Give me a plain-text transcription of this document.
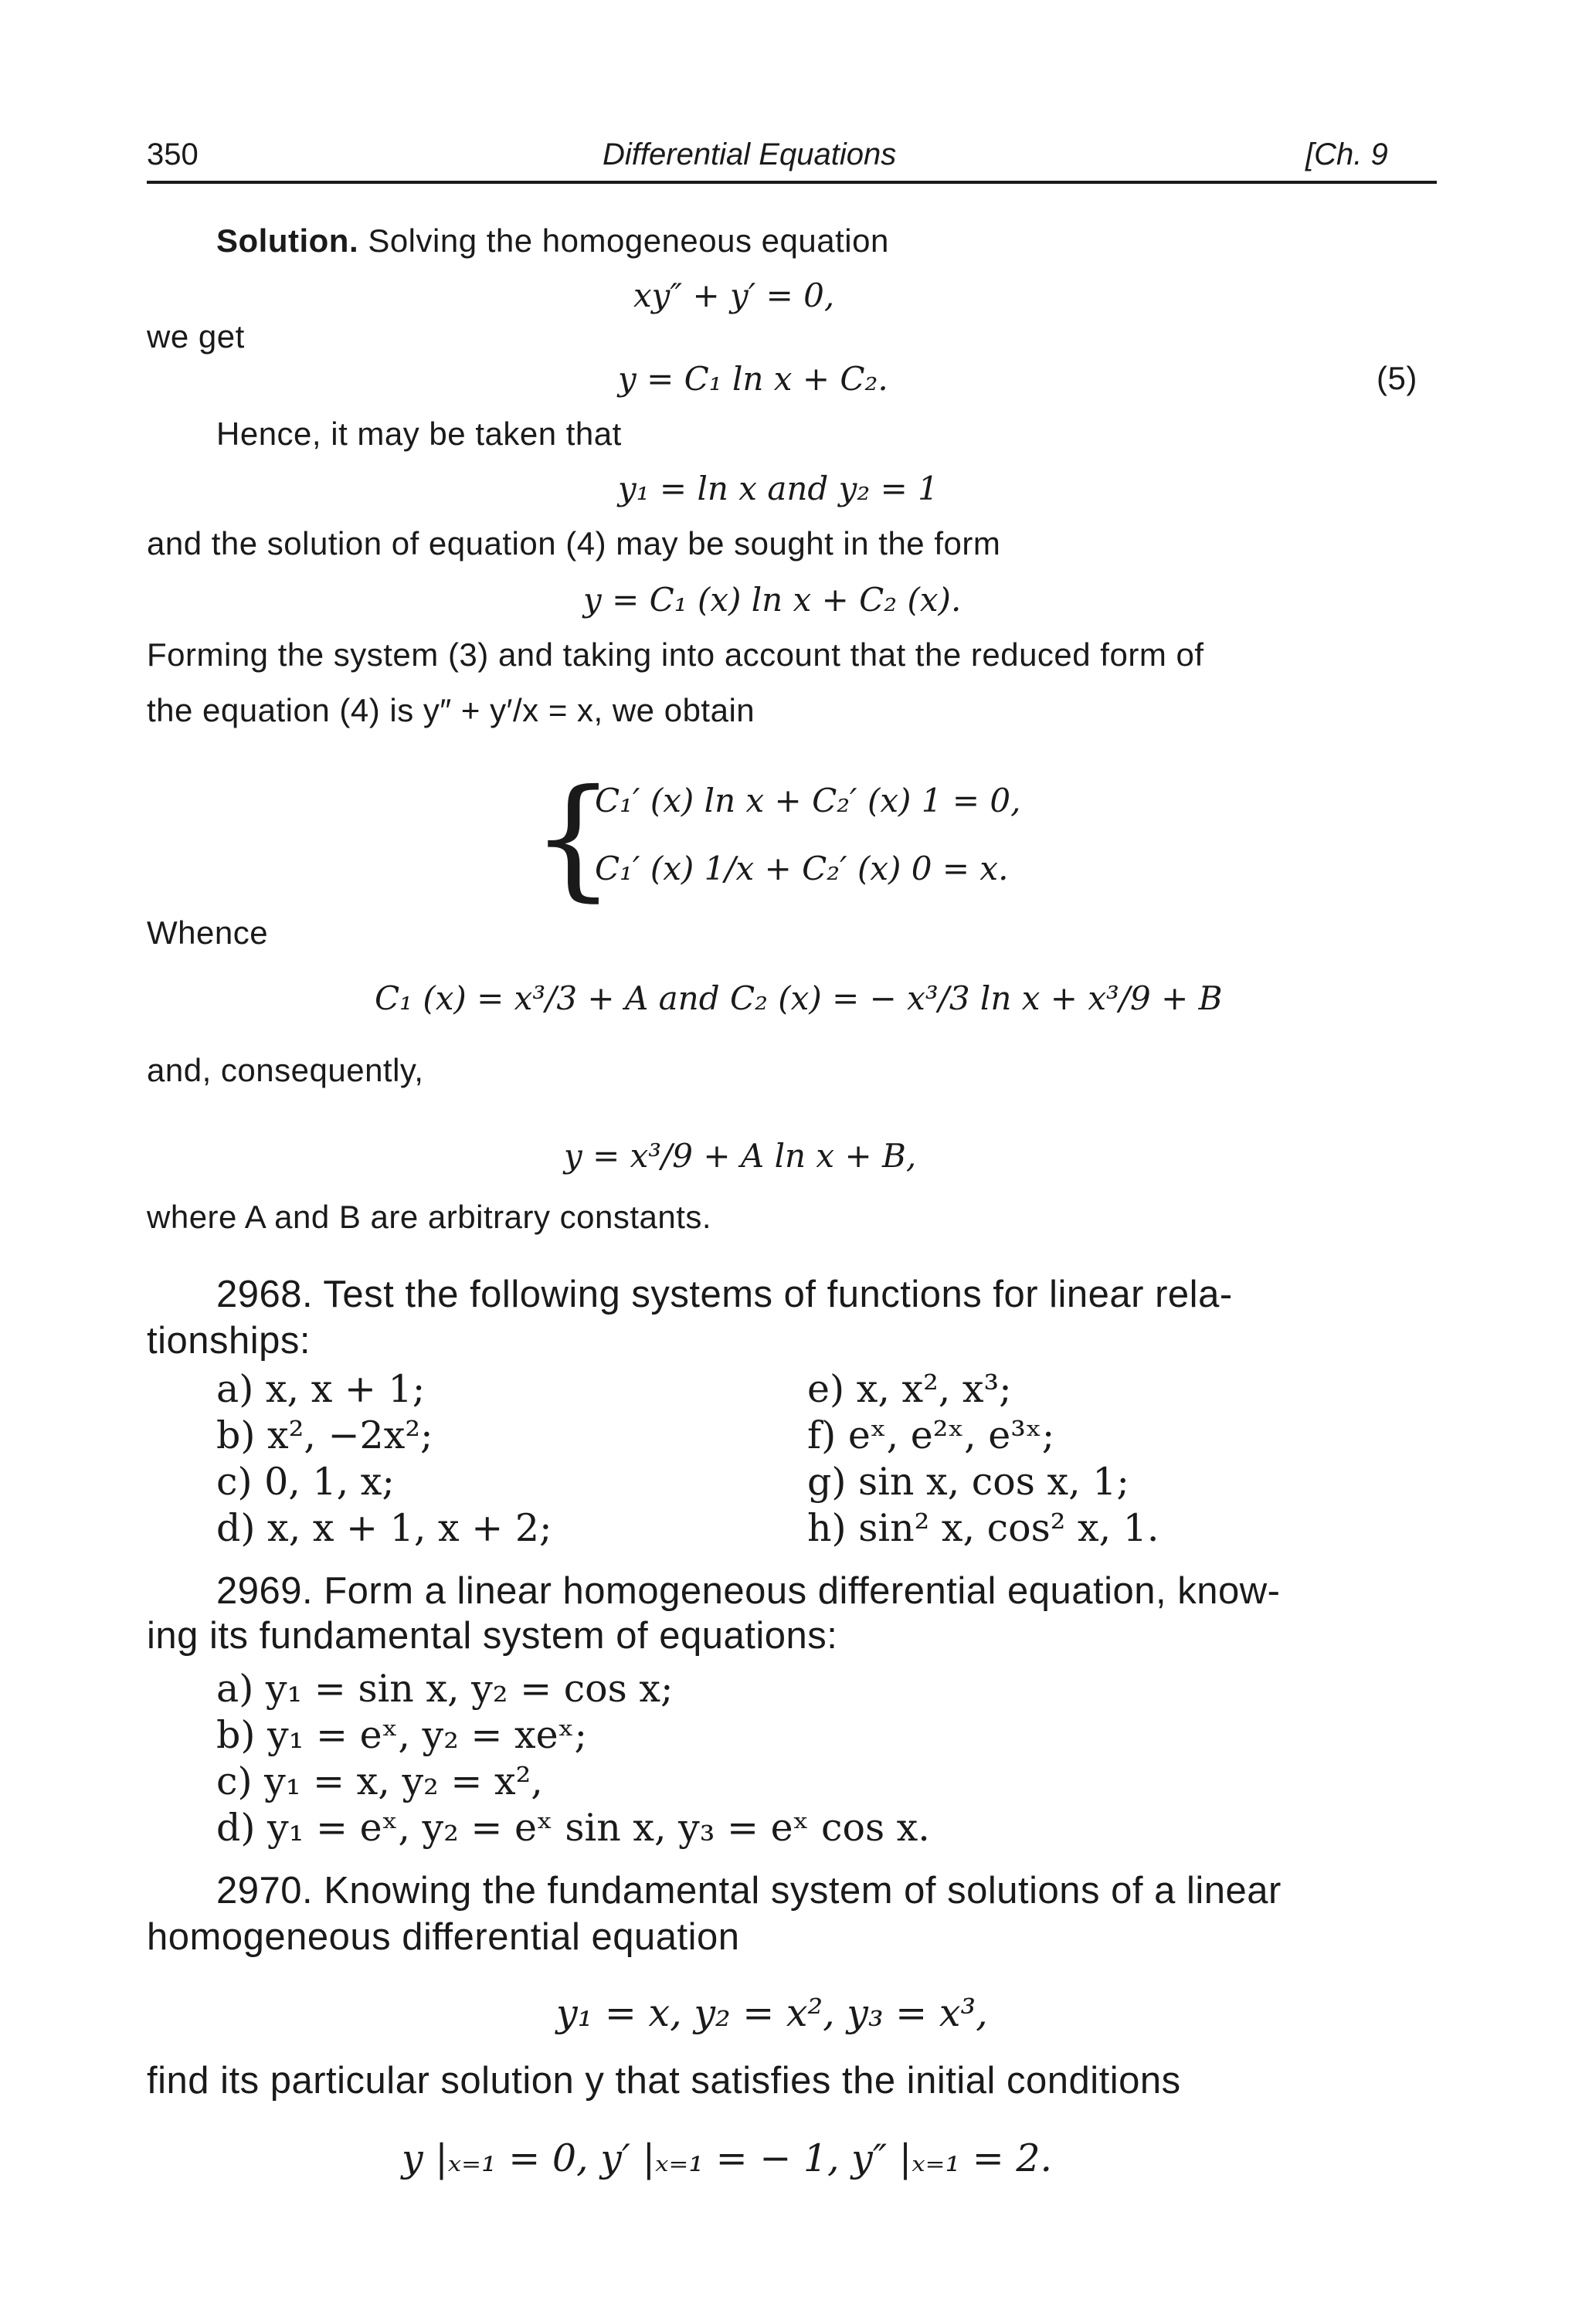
350	Differential Equations	[Ch. 9
Solution. Solving the homogeneous equation
xy″ + y′ = 0,
we get
y = C₁ ln x + C₂.	(5)
Hence, it may be taken that
y₁ = ln x and y₂ = 1
and the solution of equation (4) may be sought in the form
y = C₁ (x) ln x + C₂ (x).
Forming the system (3) and taking into account that the reduced form of
the equation (4) is y″ + y′/x = x, we obtain
{
C₁′ (x) ln x + C₂′ (x) 1 = 0,
C₁′ (x) 1/x + C₂′ (x) 0 = x.
Whence
C₁ (x) = x³/3 + A and C₂ (x) = − x³/3 ln x + x³/9 + B
and, consequently,
y = x³/9 + A ln x + B,
where A and B are arbitrary constants.
2968. Test the following systems of functions for linear rela-
tionships:
a) x, x + 1;
b) x², −2x²;
c) 0, 1, x;
d) x, x + 1, x + 2;
e) x, x², x³;
f) eˣ, e²ˣ, e³ˣ;
g) sin x, cos x, 1;
h) sin² x, cos² x, 1.
2969. Form a linear homogeneous differential equation, know-
ing its fundamental system of equations:
a) y₁ = sin x, y₂ = cos x;
b) y₁ = eˣ, y₂ = xeˣ;
c) y₁ = x, y₂ = x²,
d) y₁ = eˣ, y₂ = eˣ sin x, y₃ = eˣ cos x.
2970. Knowing the fundamental system of solutions of a linear
homogeneous differential equation
y₁ = x, y₂ = x², y₃ = x³,
find its particular solution y that satisfies the initial conditions
y |ₓ₌₁ = 0, y′ |ₓ₌₁ = − 1, y″ |ₓ₌₁ = 2.
